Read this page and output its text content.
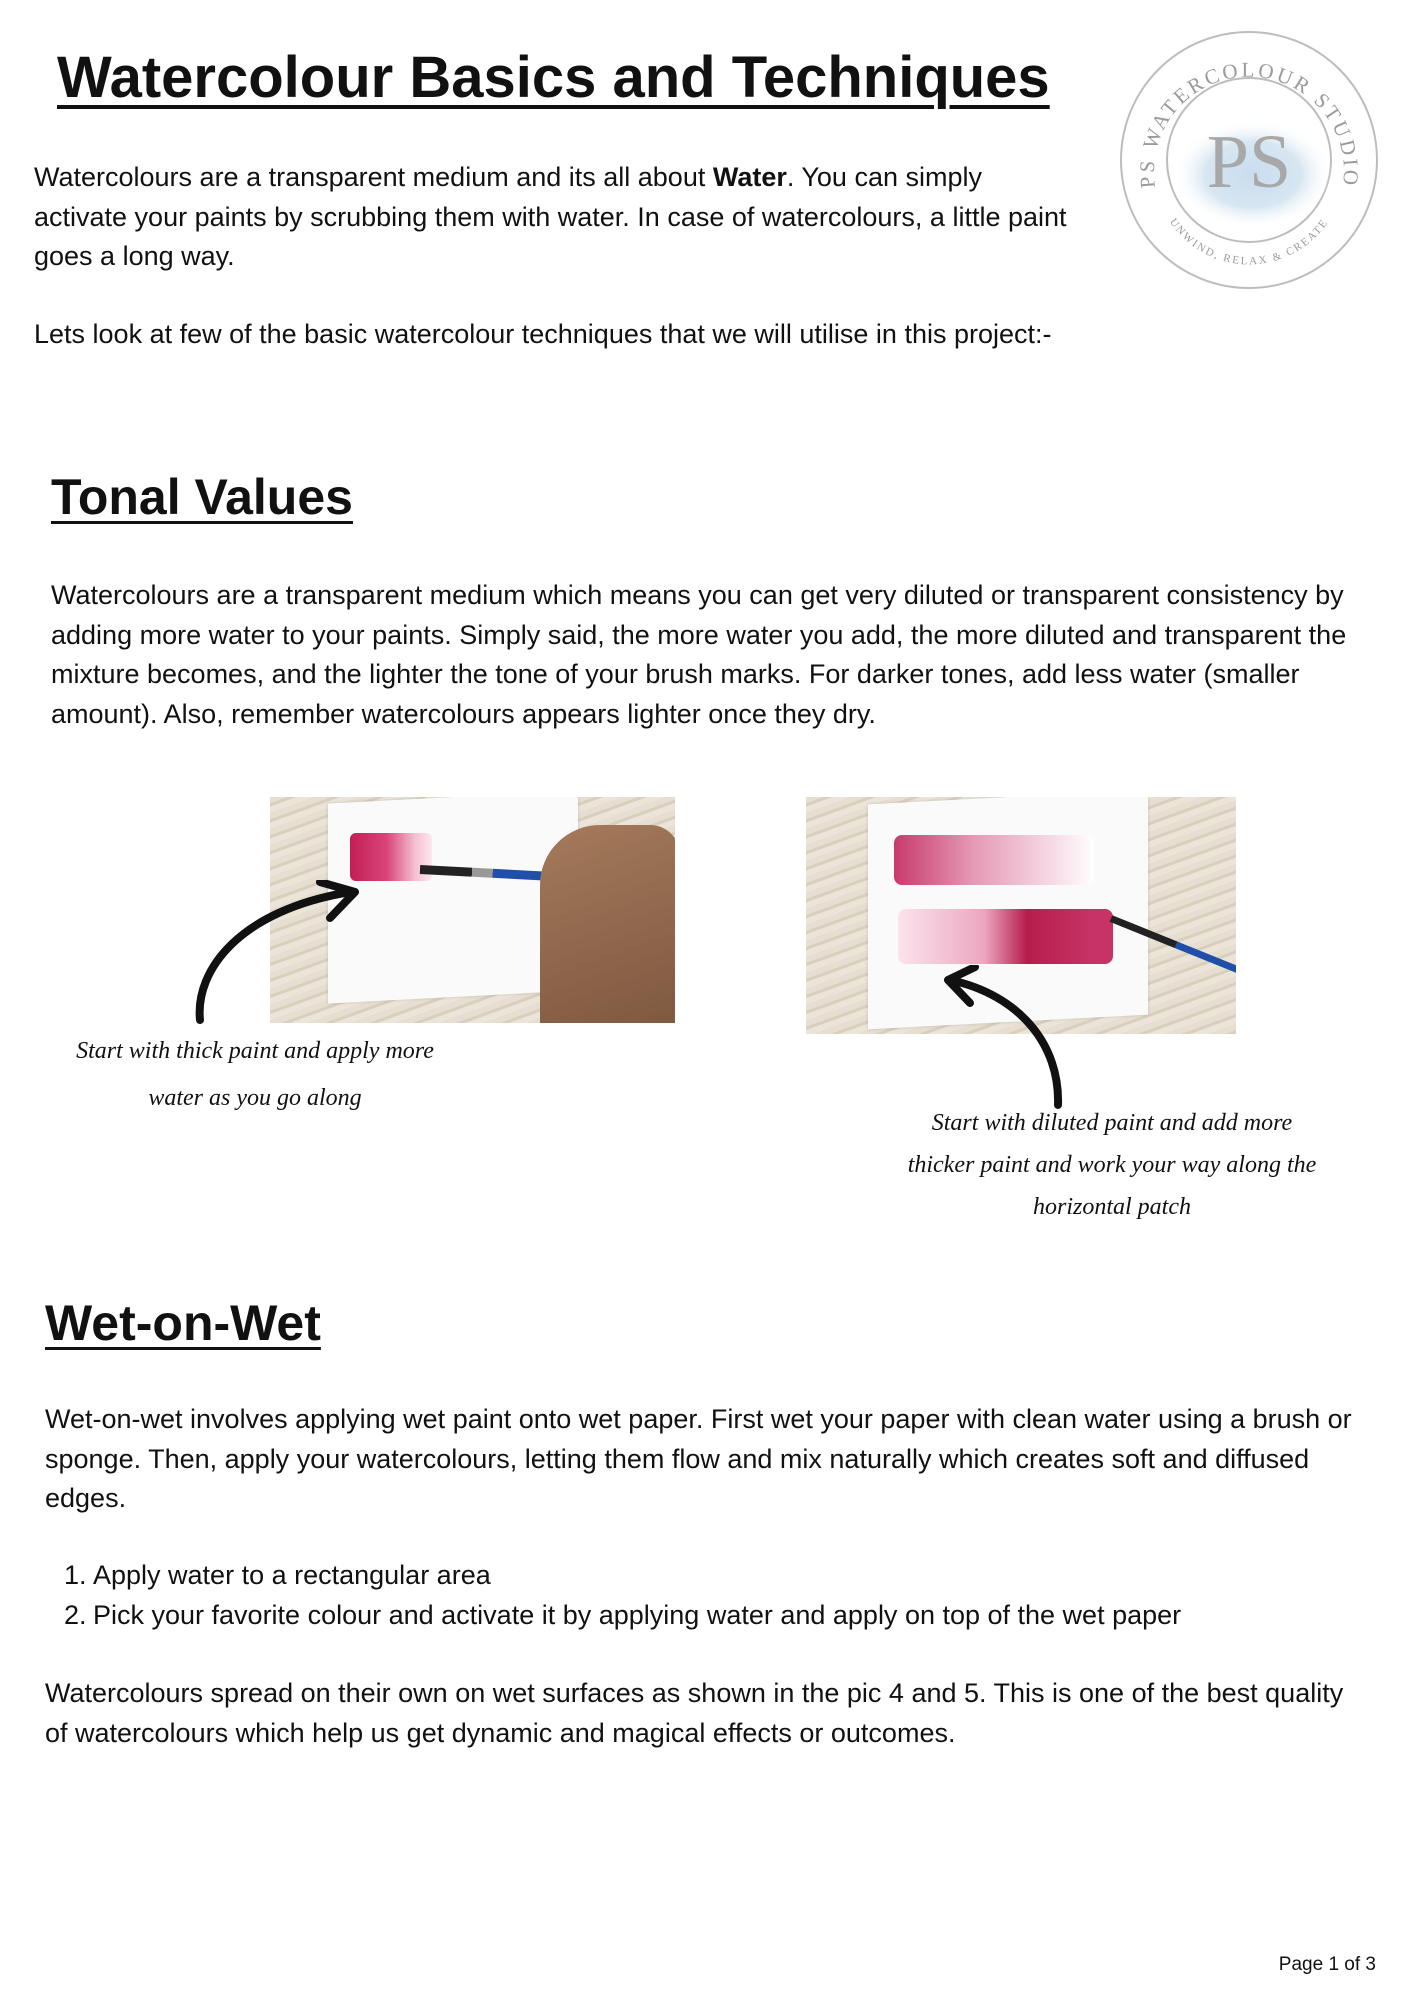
Watercolour Basics and Techniques
PS
PS WATERCOLOUR STUDIO
UNWIND, RELAX & CREATE

Watercolours are a transparent medium and its all about Water. You can simply activate your paints by scrubbing them with water. In case of watercolours, a little paint goes a long way.

Lets look at few of the basic watercolour techniques that we will utilise in this project:-

Tonal Values

Watercolours are a transparent medium which means you can get very diluted or transparent consistency by adding more water to your paints. Simply said, the more water you add, the more diluted and transparent the mixture becomes, and the lighter the tone of your brush marks. For darker tones, add less water (smaller amount). Also, remember watercolours appears lighter once they dry.

Start with thick paint and apply more
water as you go along
Start with diluted paint and add more
thicker paint and work your way along the
horizontal patch
Wet-on-Wet

Wet-on-wet involves applying wet paint onto wet paper. First wet your paper with clean water using a brush or sponge. Then, apply your watercolours, letting them flow and mix naturally which creates soft and diffused edges.

1. Apply water to a rectangular area
2. Pick your favorite colour and activate it by applying water and apply on top of the wet paper

Watercolours spread on their own on wet surfaces as shown in the pic 4 and 5. This is one of the best quality of watercolours which help us get dynamic and magical effects or outcomes.

Page 1 of 3
